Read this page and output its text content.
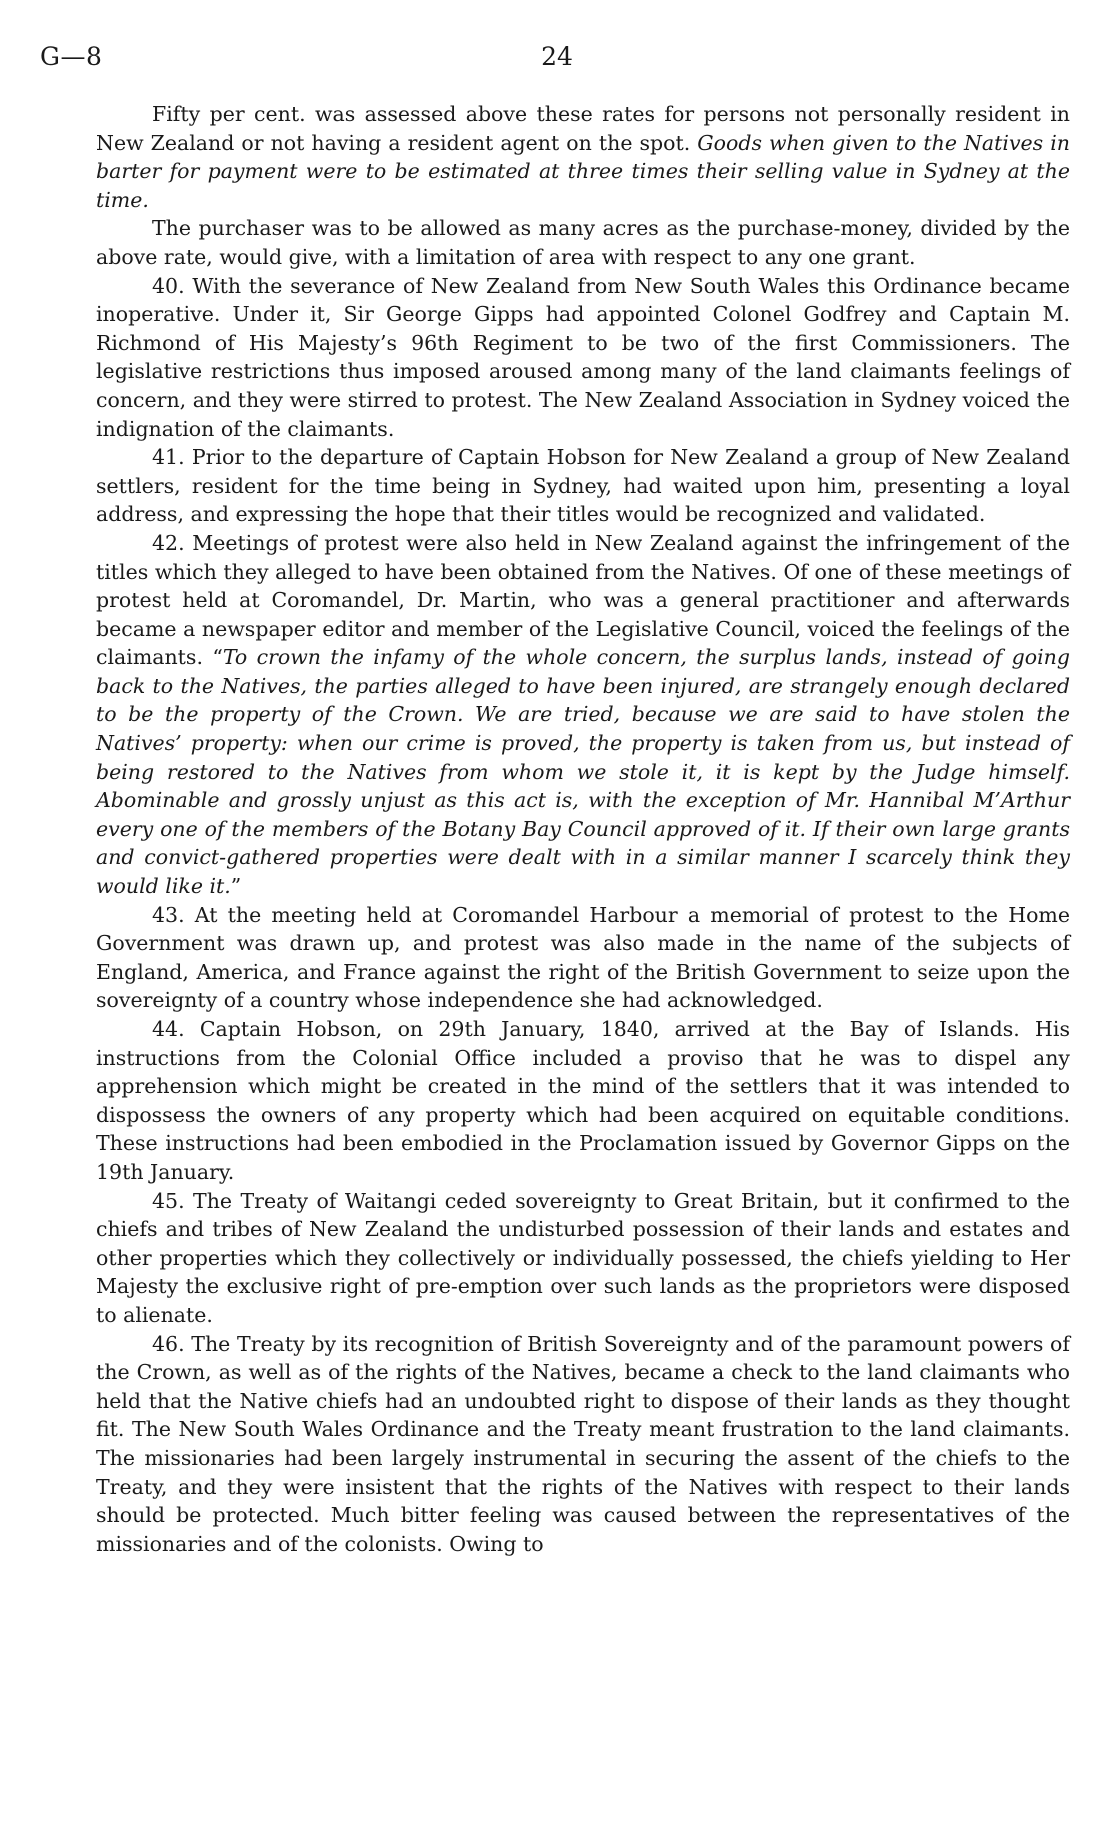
G—8	24

Fifty per cent. was assessed above these rates for persons not personally resident in New Zealand or not having a resident agent on the spot. Goods when given to the Natives in barter for payment were to be estimated at three times their selling value in Sydney at the time.

The purchaser was to be allowed as many acres as the purchase-money, divided by the above rate, would give, with a limitation of area with respect to any one grant.

40. With the severance of New Zealand from New South Wales this Ordinance became inoperative. Under it, Sir George Gipps had appointed Colonel Godfrey and Captain M. Richmond of His Majesty’s 96th Regiment to be two of the first Commissioners. The legislative restrictions thus imposed aroused among many of the land claimants feelings of concern, and they were stirred to protest. The New Zealand Association in Sydney voiced the indignation of the claimants.

41. Prior to the departure of Captain Hobson for New Zealand a group of New Zealand settlers, resident for the time being in Sydney, had waited upon him, presenting a loyal address, and expressing the hope that their titles would be recognized and validated.

42. Meetings of protest were also held in New Zealand against the infringement of the titles which they alleged to have been obtained from the Natives. Of one of these meetings of protest held at Coromandel, Dr. Martin, who was a general practitioner and afterwards became a newspaper editor and member of the Legislative Council, voiced the feelings of the claimants. “To crown the infamy of the whole concern, the surplus lands, instead of going back to the Natives, the parties alleged to have been injured, are strangely enough declared to be the property of the Crown. We are tried, because we are said to have stolen the Natives’ property: when our crime is proved, the property is taken from us, but instead of being restored to the Natives from whom we stole it, it is kept by the Judge himself. Abominable and grossly unjust as this act is, with the exception of Mr. Hannibal M’Arthur every one of the members of the Botany Bay Council approved of it. If their own large grants and convict-gathered properties were dealt with in a similar manner I scarcely think they would like it.”

43. At the meeting held at Coromandel Harbour a memorial of protest to the Home Government was drawn up, and protest was also made in the name of the subjects of England, America, and France against the right of the British Government to seize upon the sovereignty of a country whose independence she had acknowledged.

44. Captain Hobson, on 29th January, 1840, arrived at the Bay of Islands. His instructions from the Colonial Office included a proviso that he was to dispel any apprehension which might be created in the mind of the settlers that it was intended to dispossess the owners of any property which had been acquired on equitable conditions. These instructions had been embodied in the Proclamation issued by Governor Gipps on the 19th January.

45. The Treaty of Waitangi ceded sovereignty to Great Britain, but it confirmed to the chiefs and tribes of New Zealand the undisturbed possession of their lands and estates and other properties which they collectively or individually possessed, the chiefs yielding to Her Majesty the exclusive right of pre-emption over such lands as the proprietors were disposed to alienate.

46. The Treaty by its recognition of British Sovereignty and of the paramount powers of the Crown, as well as of the rights of the Natives, became a check to the land claimants who held that the Native chiefs had an undoubted right to dispose of their lands as they thought fit. The New South Wales Ordinance and the Treaty meant frustration to the land claimants. The missionaries had been largely instrumental in securing the assent of the chiefs to the Treaty, and they were insistent that the rights of the Natives with respect to their lands should be protected. Much bitter feeling was caused between the representatives of the missionaries and of the colonists. Owing to
